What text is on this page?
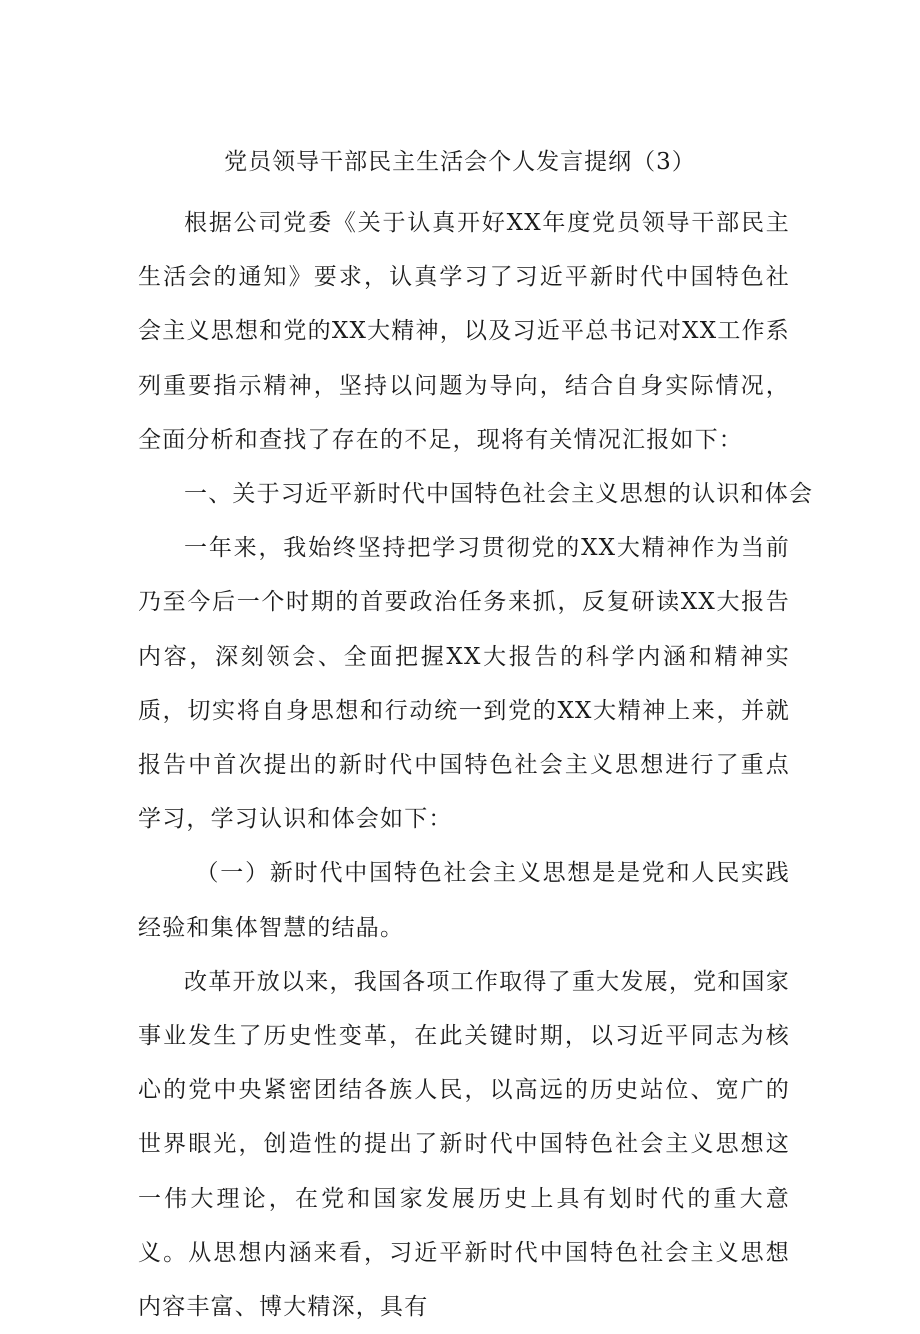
党员领导干部民主生活会个人发言提纲（3）

根据公司党委《关于认真开好XX年度党员领导干部民主生活会的通知》要求，认真学习了习近平新时代中国特色社会主义思想和党的XX大精神，以及习近平总书记对XX工作系列重要指示精神，坚持以问题为导向，结合自身实际情况，全面分析和查找了存在的不足，现将有关情况汇报如下：

一、关于习近平新时代中国特色社会主义思想的认识和体会

一年来，我始终坚持把学习贯彻党的XX大精神作为当前乃至今后一个时期的首要政治任务来抓，反复研读XX大报告内容，深刻领会、全面把握XX大报告的科学内涵和精神实质，切实将自身思想和行动统一到党的XX大精神上来，并就报告中首次提出的新时代中国特色社会主义思想进行了重点学习，学习认识和体会如下：

（一）新时代中国特色社会主义思想是是党和人民实践经验和集体智慧的结晶。

改革开放以来，我国各项工作取得了重大发展，党和国家事业发生了历史性变革，在此关键时期，以习近平同志为核心的党中央紧密团结各族人民，以高远的历史站位、宽广的世界眼光，创造性的提出了新时代中国特色社会主义思想这一伟大理论，在党和国家发展历史上具有划时代的重大意义。从思想内涵来看，习近平新时代中国特色社会主义思想内容丰富、博大精深，具有
